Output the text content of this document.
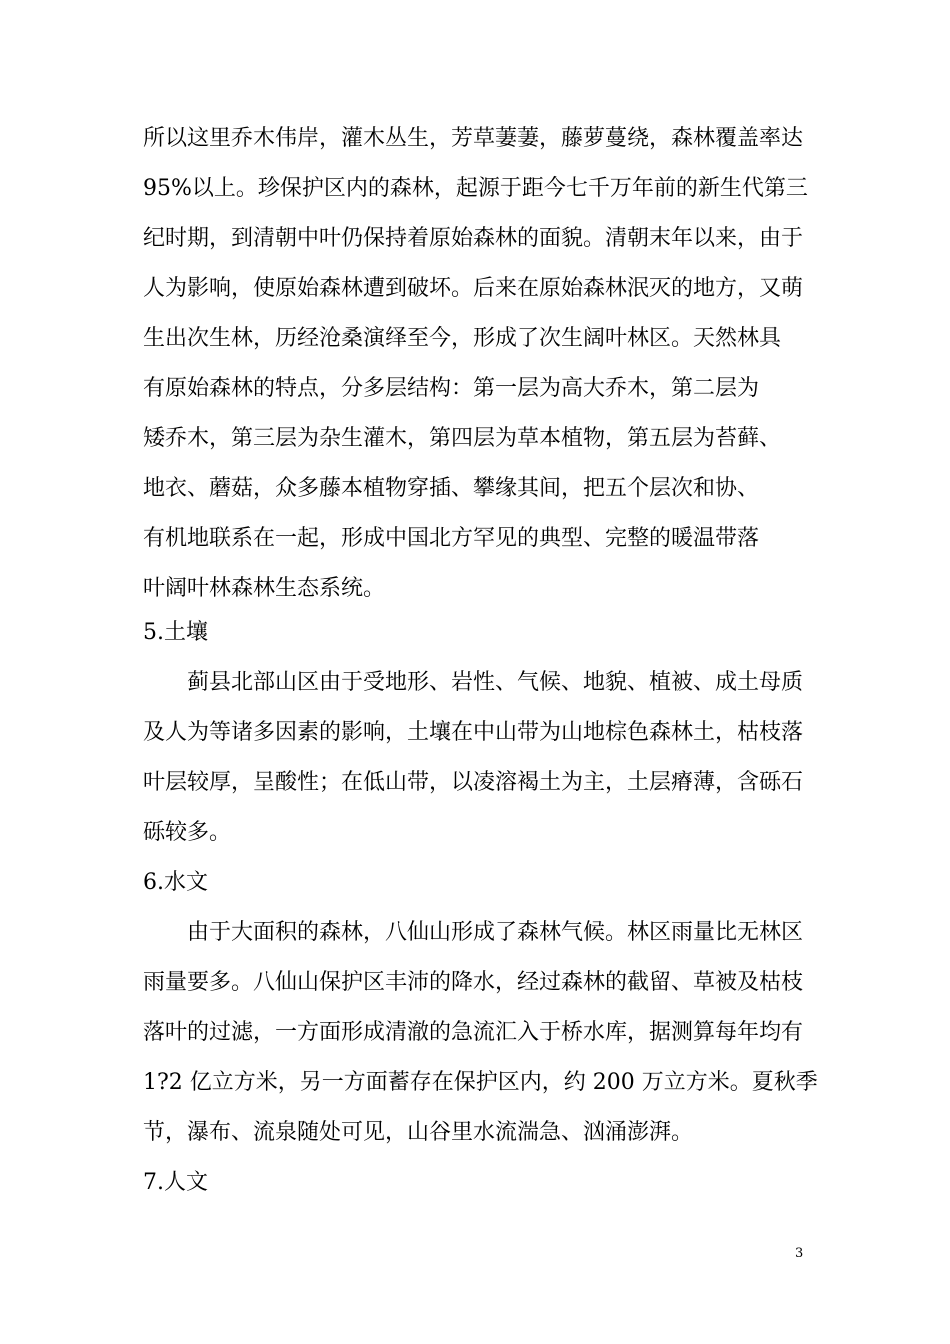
所以这里乔木伟岸，灌木丛生，芳草萋萋，藤萝蔓绕，森林覆盖率达
95%以上。珍保护区内的森林，起源于距今七千万年前的新生代第三
纪时期，到清朝中叶仍保持着原始森林的面貌。清朝末年以来，由于
人为影响，使原始森林遭到破坏。后来在原始森林泯灭的地方，又萌
生出次生林，历经沧桑演绎至今，形成了次生阔叶林区。天然林具
有原始森林的特点，分多层结构：第一层为高大乔木，第二层为
矮乔木，第三层为杂生灌木，第四层为草本植物，第五层为苔藓、
地衣、蘑菇，众多藤本植物穿插、攀缘其间，把五个层次和协、
有机地联系在一起，形成中国北方罕见的典型、完整的暖温带落
叶阔叶林森林生态系统。
5.土壤
蓟县北部山区由于受地形、岩性、气候、地貌、植被、成土母质
及人为等诸多因素的影响，土壤在中山带为山地棕色森林土，枯枝落
叶层较厚，呈酸性；在低山带，以凌溶褐土为主，土层瘠薄，含砾石
砾较多。
6.水文
由于大面积的森林，八仙山形成了森林气候。林区雨量比无林区
雨量要多。八仙山保护区丰沛的降水，经过森林的截留、草被及枯枝
落叶的过滤，一方面形成清澈的急流汇入于桥水库，据测算每年均有
1?2 亿立方米，另一方面蓄存在保护区内，约 200 万立方米。夏秋季
节，瀑布、流泉随处可见，山谷里水流湍急、汹涌澎湃。
7.人文
3
